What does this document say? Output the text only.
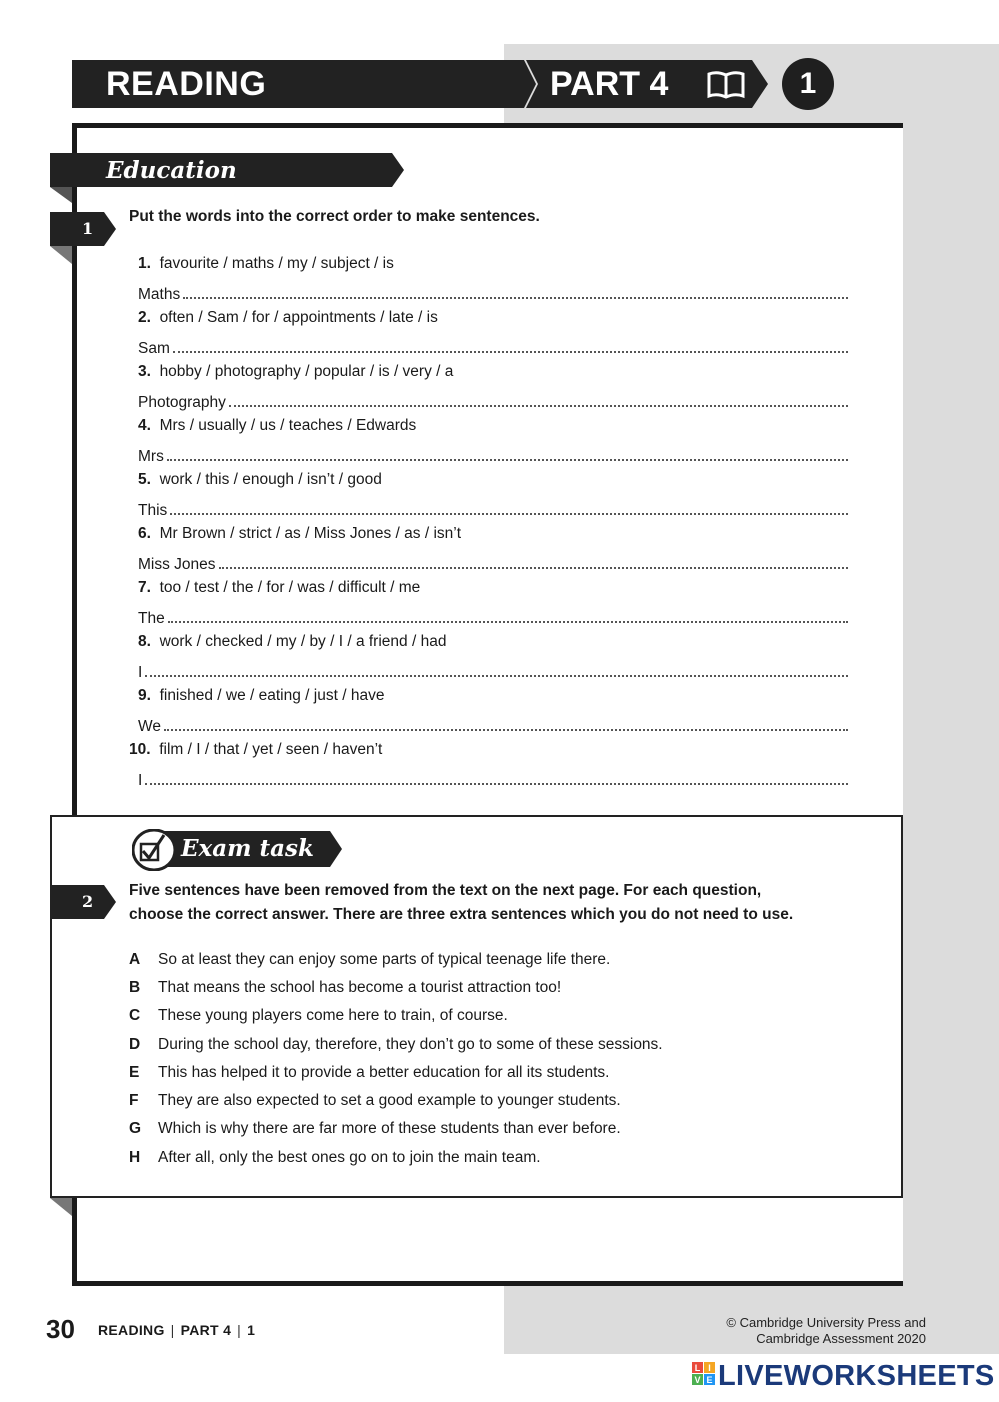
READING	PART 4	1
Education
1
Put the words into the correct order to make sentences.
1. favourite / maths / my / subject / is
Maths
2. often / Sam / for / appointments / late / is
Sam
3. hobby / photography / popular / is / very / a
Photography
4. Mrs / usually / us / teaches / Edwards
Mrs
5. work / this / enough / isn’t / good
This
6. Mr Brown / strict / as / Miss Jones / as / isn’t
Miss Jones
7. too / test / the / for / was / difficult / me
The
8. work / checked / my / by / I / a friend / had
I
9. finished / we / eating / just / have
We
10. film / I / that / yet / seen / haven’t
I
Exam task
2
Five sentences have been removed from the text on the next page. For each question,
choose the correct answer. There are three extra sentences which you do not need to use.
A So at least they can enjoy some parts of typical teenage life there.
B That means the school has become a tourist attraction too!
C These young players come here to train, of course.
D During the school day, therefore, they don’t go to some of these sessions.
E This has helped it to provide a better education for all its students.
F They are also expected to set a good example to younger students.
G Which is why there are far more of these students than ever before.
H After all, only the best ones go on to join the main team.
30 READING | PART 4 | 1	© Cambridge University Press and
Cambridge Assessment 2020
L I
V E LIVEWORKSHEETS
